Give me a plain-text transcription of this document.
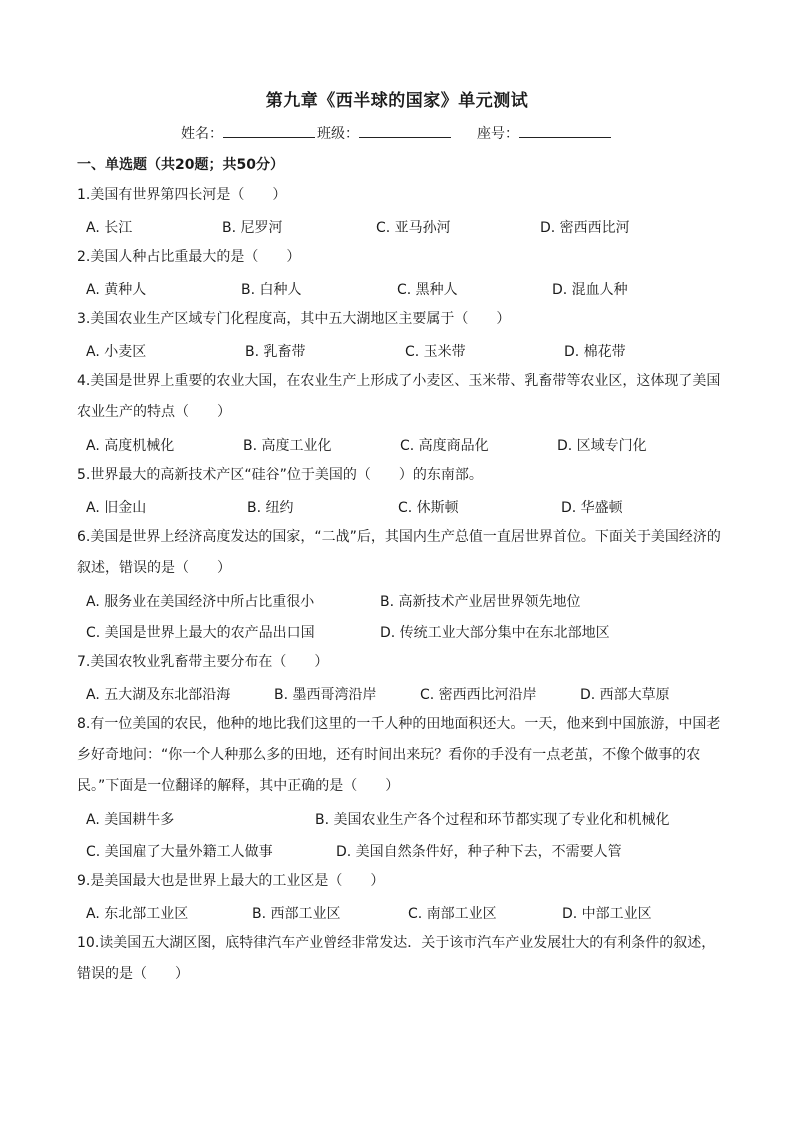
第九章《西半球的国家》单元测试
姓名：	班级：	座号：
一、单选题（共20题；共50分）
1.美国有世界第四长河是（　　）
A. 长江	B. 尼罗河	C. 亚马孙河	D. 密西西比河
2.美国人种占比重最大的是（　　）
A. 黄种人	B. 白种人	C. 黑种人	D. 混血人种
3.美国农业生产区域专门化程度高，其中五大湖地区主要属于（　　）
A. 小麦区	B. 乳畜带	C. 玉米带	D. 棉花带
4.美国是世界上重要的农业大国，在农业生产上形成了小麦区、玉米带、乳畜带等农业区，这体现了美国农业生产的特点（　　）
A. 高度机械化	B. 高度工业化	C. 高度商品化	D. 区域专门化
5.世界最大的高新技术产区“硅谷”位于美国的（　　）的东南部。
A. 旧金山	B. 纽约	C. 休斯顿	D. 华盛顿
6.美国是世界上经济高度发达的国家，“二战”后，其国内生产总值一直居世界首位。下面关于美国经济的叙述，错误的是（　　）
A. 服务业在美国经济中所占比重很小	B. 高新技术产业居世界领先地位
C. 美国是世界上最大的农产品出口国	D. 传统工业大部分集中在东北部地区
7.美国农牧业乳畜带主要分布在（　　）
A. 五大湖及东北部沿海	B. 墨西哥湾沿岸	C. 密西西比河沿岸	D. 西部大草原
8.有一位美国的农民，他种的地比我们这里的一千人种的田地面积还大。一天，他来到中国旅游，中国老乡好奇地问：“你一个人种那么多的田地，还有时间出来玩？看你的手没有一点老茧，不像个做事的农民。”下面是一位翻译的解释，其中正确的是（　　）
A. 美国耕牛多	B. 美国农业生产各个过程和环节都实现了专业化和机械化
C. 美国雇了大量外籍工人做事	D. 美国自然条件好，种子种下去，不需要人管
9.是美国最大也是世界上最大的工业区是（　　）
A. 东北部工业区	B. 西部工业区	C. 南部工业区	D. 中部工业区
10.读美国五大湖区图，底特律汽车产业曾经非常发达．关于该市汽车产业发展壮大的有利条件的叙述，错误的是（　　）
